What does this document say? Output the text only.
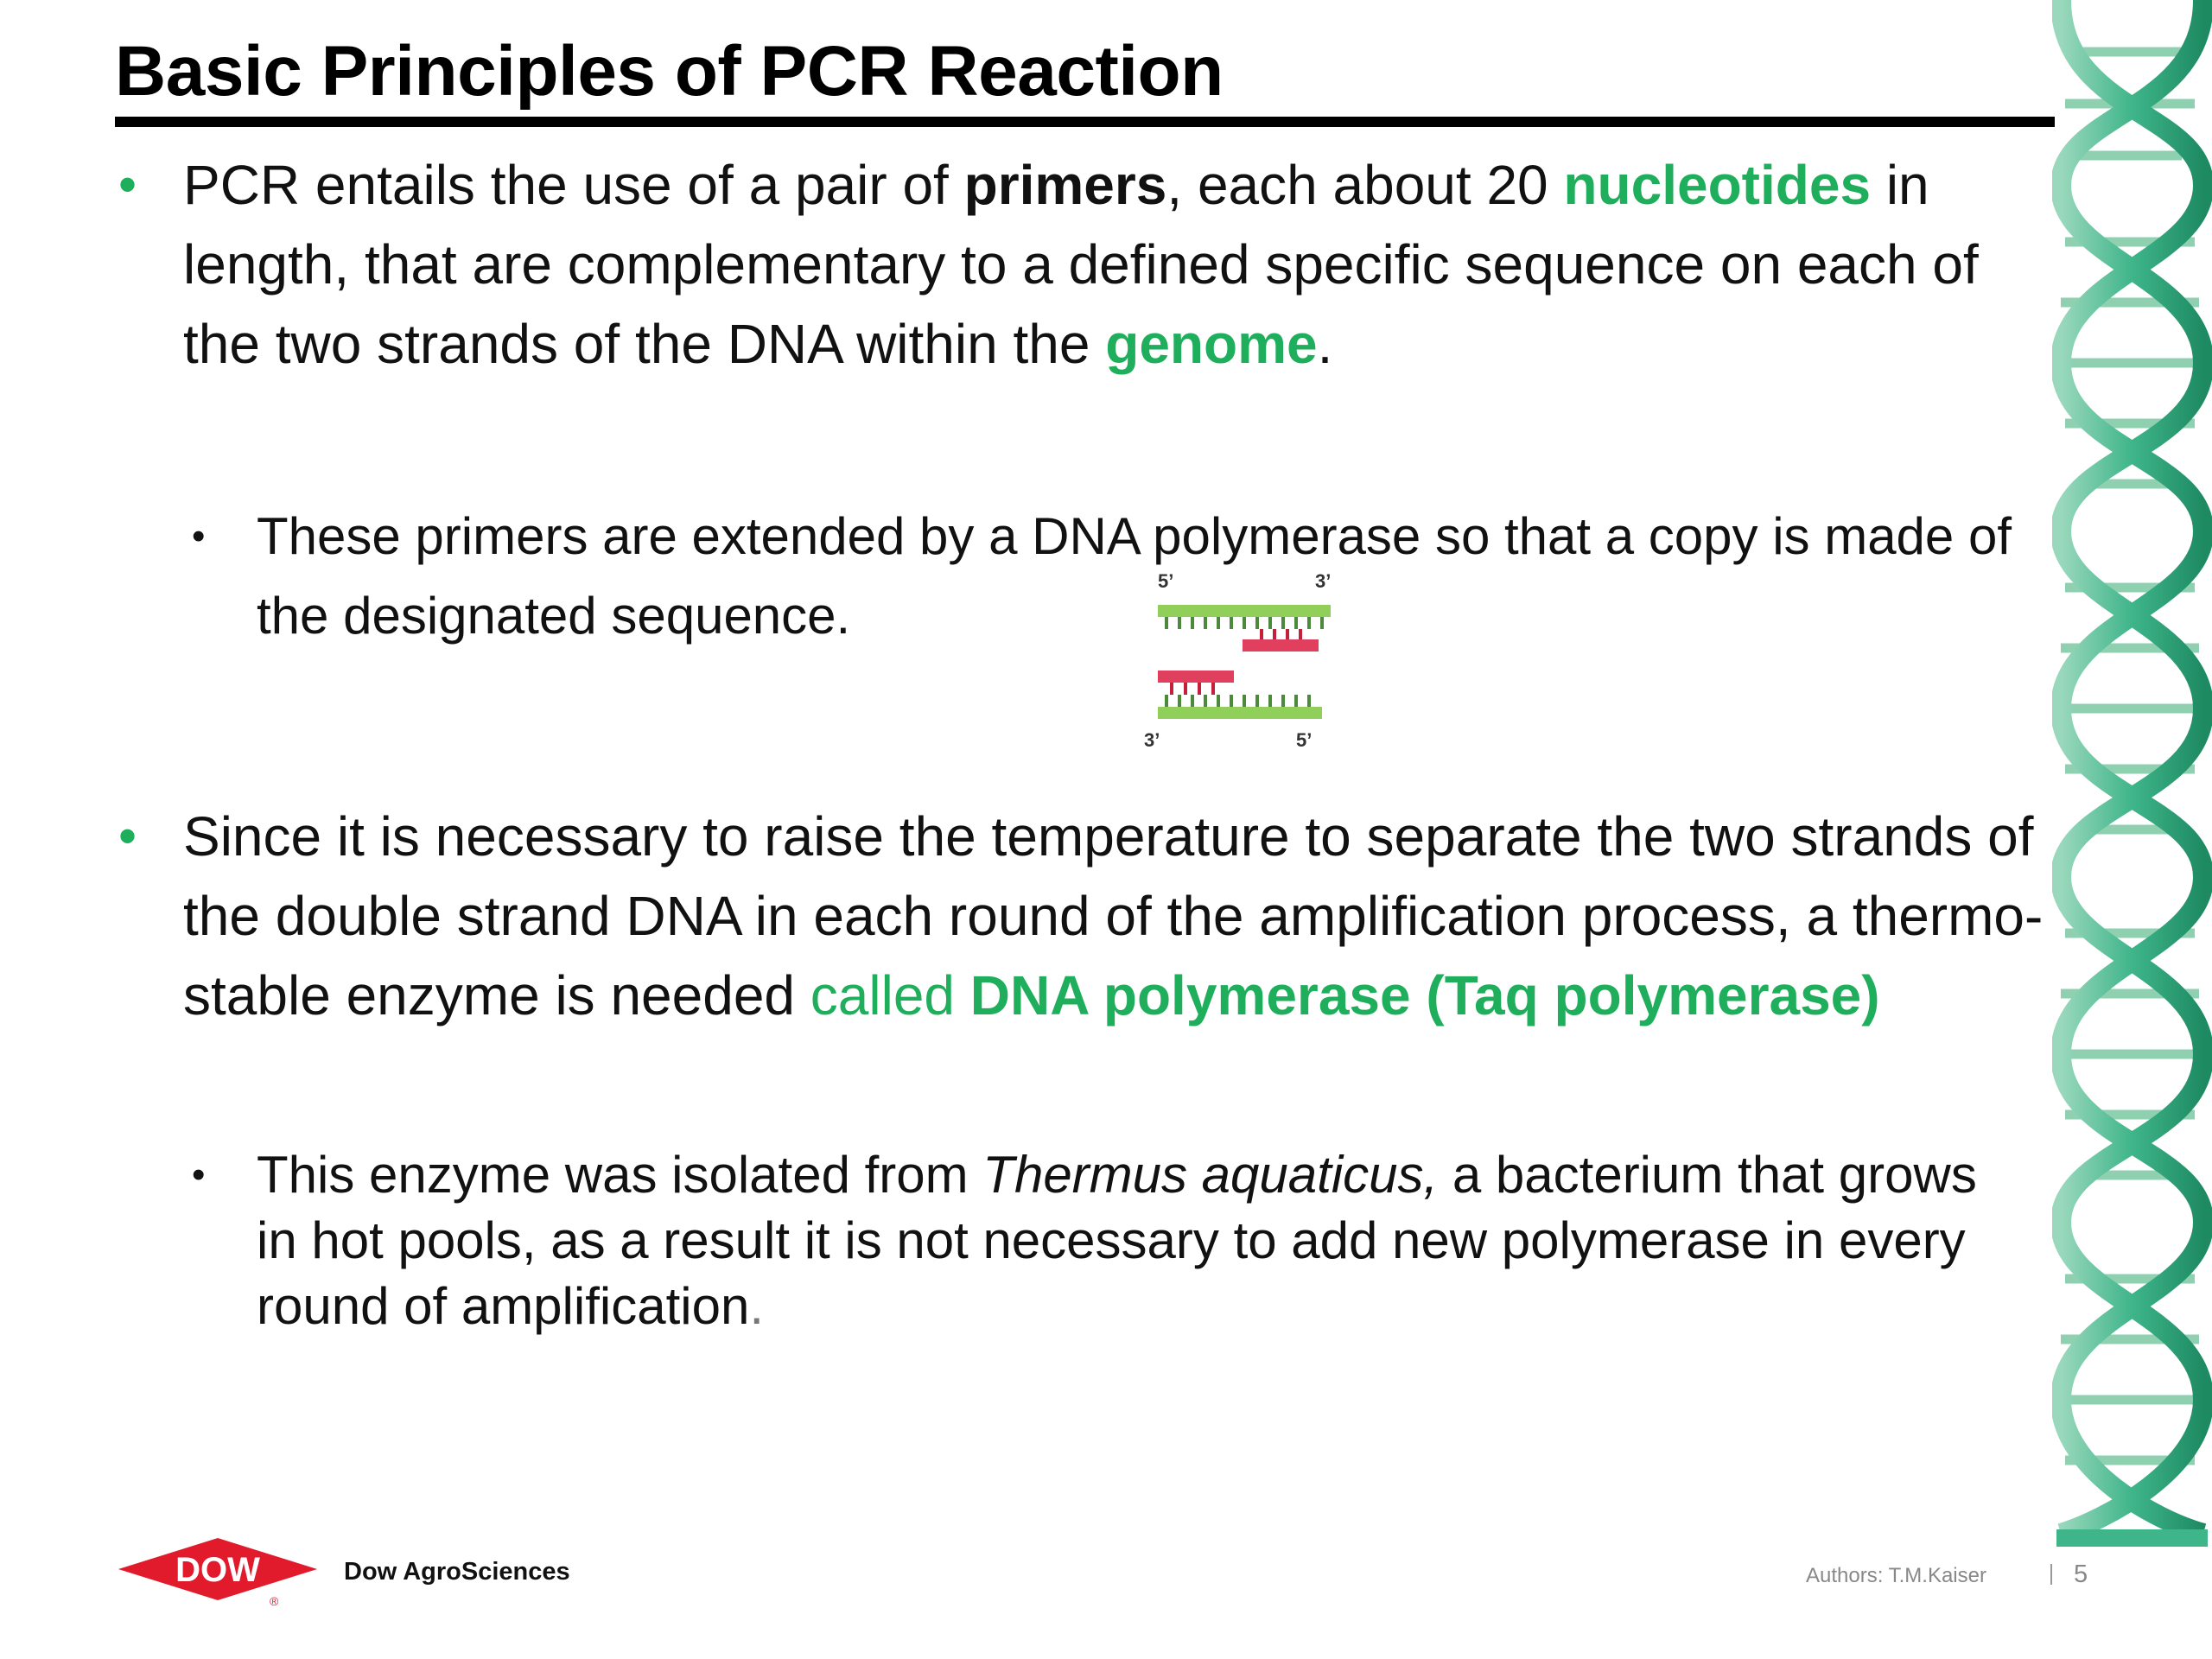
Basic Principles of PCR Reaction

• PCR entails the use of a pair of primers, each about 20 nucleotides in length, that are complementary to a defined specific sequence on each of the two strands of the DNA within the genome.

• These primers are extended by a DNA polymerase so that a copy is made of the designated sequence.

5’	3’
3’	5’

• Since it is necessary to raise the temperature to separate the two strands of the double strand DNA in each round of the amplification process, a thermo-stable enzyme is needed called DNA polymerase (Taq polymerase)

• This enzyme was isolated from Thermus aquaticus, a bacterium that grows in hot pools, as a result it is not necessary to add new polymerase in every round of amplification.

DOW
®

Dow AgroSciences	Authors: T.M.Kaiser	5
